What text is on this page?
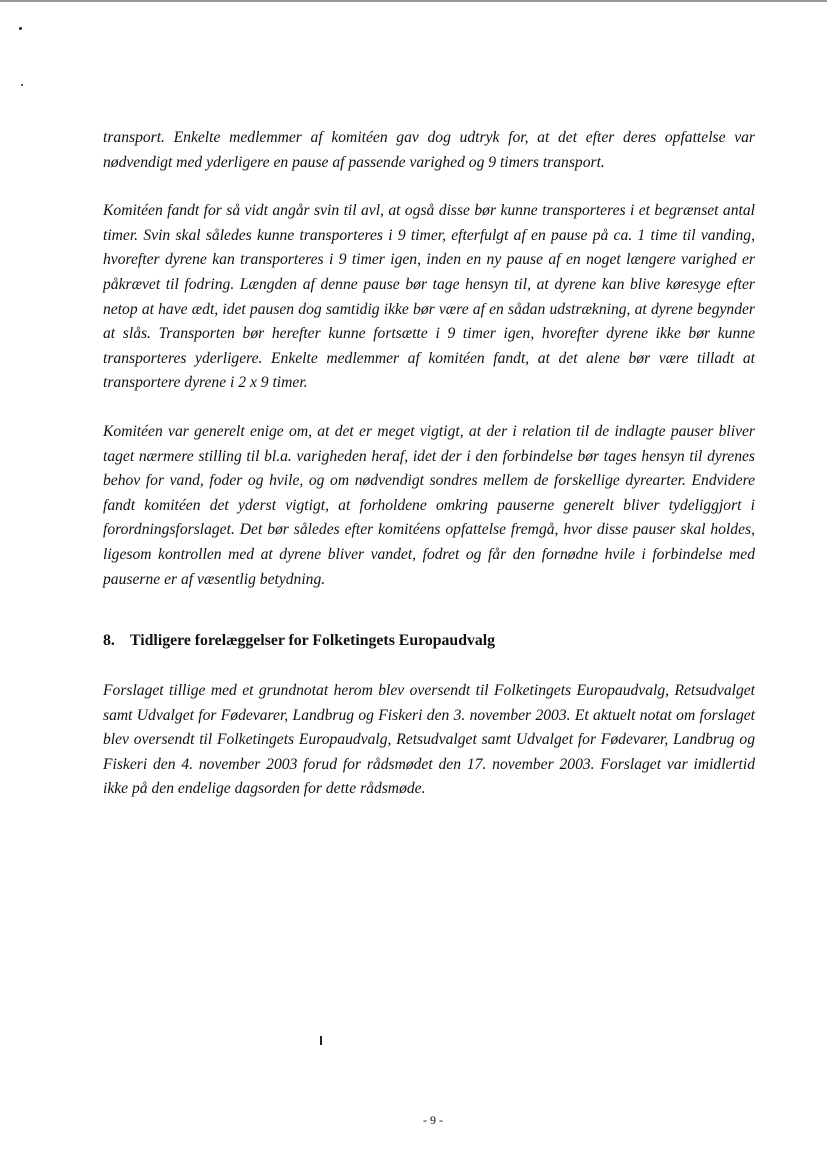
transport. Enkelte medlemmer af komitéen gav dog udtryk for, at det efter deres opfattelse var nødvendigt med yderligere en pause af passende varighed og 9 timers transport.

Komitéen fandt for så vidt angår svin til avl, at også disse bør kunne transporteres i et begrænset antal timer. Svin skal således kunne transporteres i 9 timer, efterfulgt af en pause på ca. 1 time til vanding, hvorefter dyrene kan transporteres i 9 timer igen, inden en ny pause af en noget længere varighed er påkrævet til fodring. Længden af denne pause bør tage hensyn til, at dyrene kan blive køresyge efter netop at have ædt, idet pausen dog samtidig ikke bør være af en sådan udstrækning, at dyrene begynder at slås. Transporten bør herefter kunne fortsætte i 9 timer igen, hvorefter dyrene ikke bør kunne transporteres yderligere. Enkelte medlemmer af komitéen fandt, at det alene bør være tilladt at transportere dyrene i 2 x 9 timer.

Komitéen var generelt enige om, at det er meget vigtigt, at der i relation til de indlagte pauser bliver taget nærmere stilling til bl.a. varigheden heraf, idet der i den forbindelse bør tages hensyn til dyrenes behov for vand, foder og hvile, og om nødvendigt sondres mellem de forskellige dyrearter. Endvidere fandt komitéen det yderst vigtigt, at forholdene omkring pauserne generelt bliver tydeliggjort i forordningsforslaget. Det bør således efter komitéens opfattelse fremgå, hvor disse pauser skal holdes, ligesom kontrollen med at dyrene bliver vandet, fodret og får den fornødne hvile i forbindelse med pauserne er af væsentlig betydning.

8. Tidligere forelæggelser for Folketingets Europaudvalg

Forslaget tillige med et grundnotat herom blev oversendt til Folketingets Europaudvalg, Retsudvalget samt Udvalget for Fødevarer, Landbrug og Fiskeri den 3. november 2003. Et aktuelt notat om forslaget blev oversendt til Folketingets Europaudvalg, Retsudvalget samt Udvalget for Fødevarer, Landbrug og Fiskeri den 4. november 2003 forud for rådsmødet den 17. november 2003. Forslaget var imidlertid ikke på den endelige dagsorden for dette rådsmøde.

- 9 -
